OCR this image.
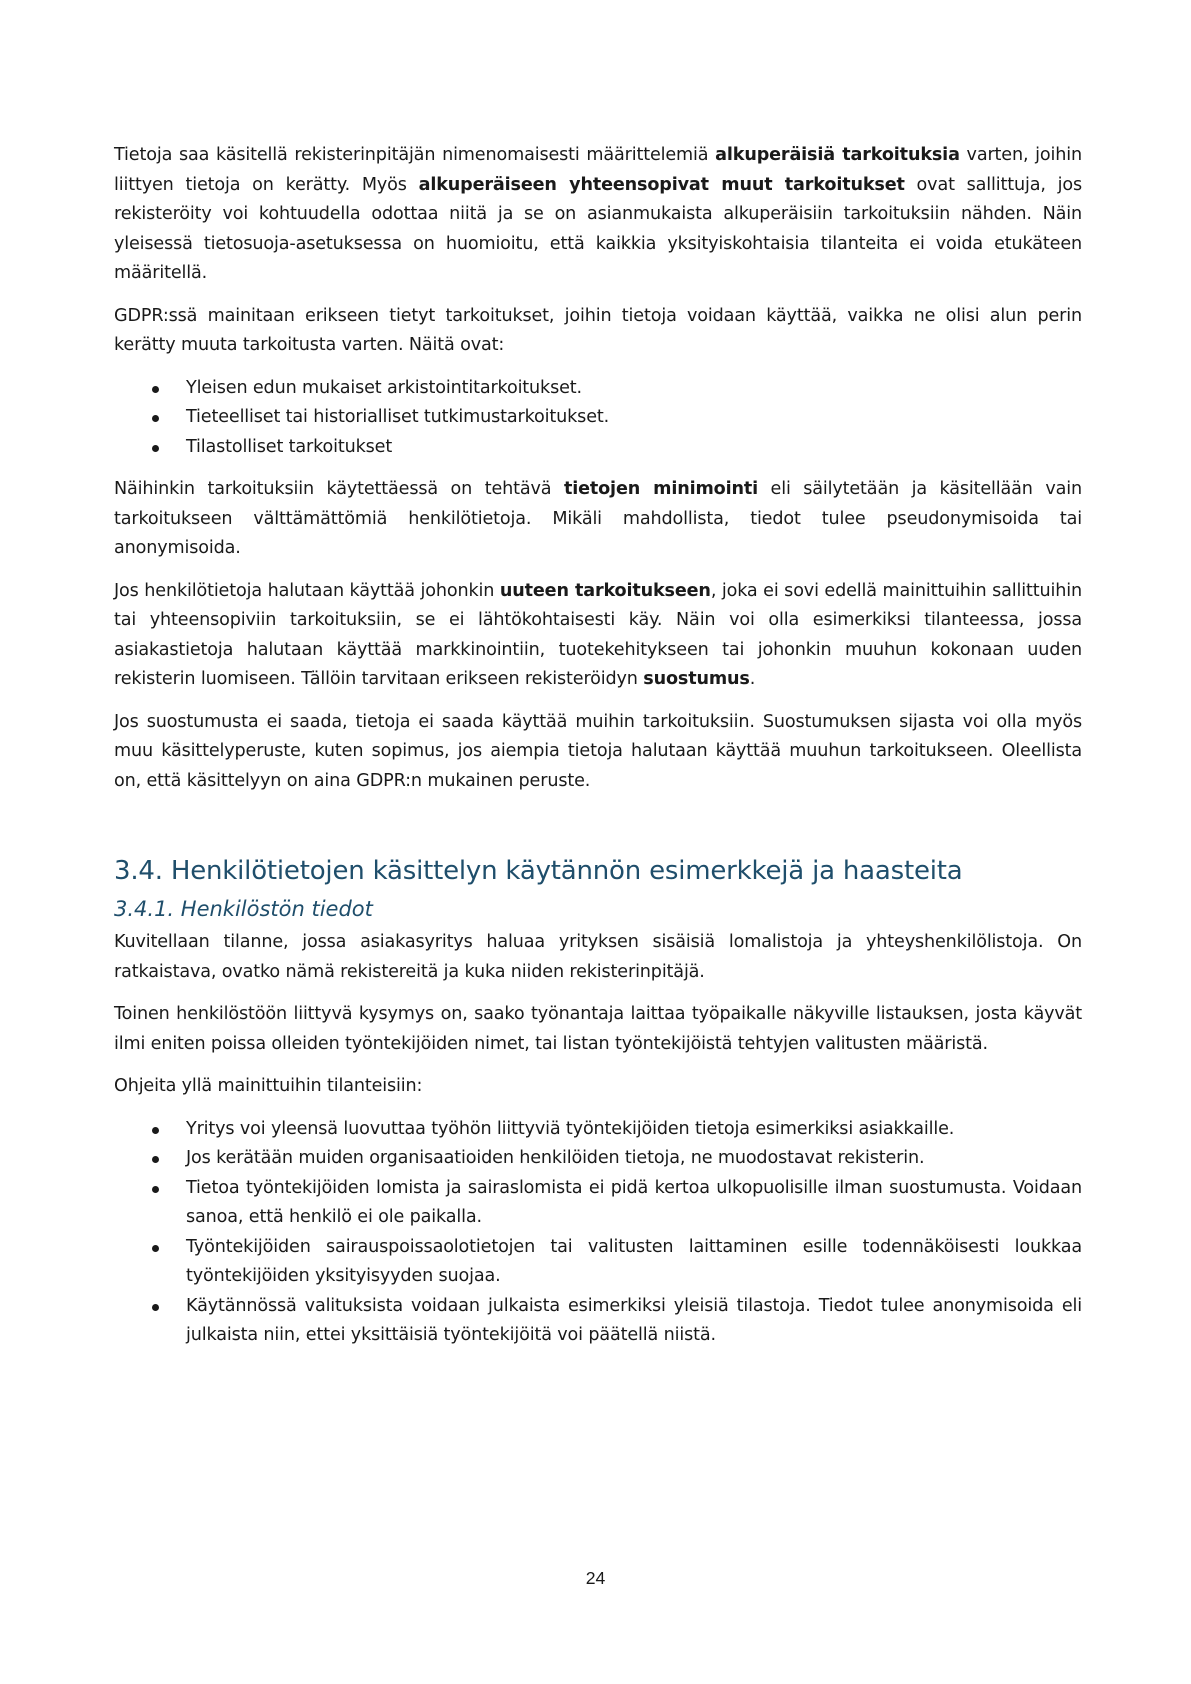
Tietoja saa käsitellä rekisterinpitäjän nimenomaisesti määrittelemiä alkuperäisiä tarkoituksia varten, joihin liittyen tietoja on kerätty. Myös alkuperäiseen yhteensopivat muut tarkoitukset ovat sallittuja, jos rekisteröity voi kohtuudella odottaa niitä ja se on asianmukaista alkuperäisiin tarkoituksiin nähden. Näin yleisessä tietosuoja-asetuksessa on huomioitu, että kaikkia yksityiskohtaisia tilanteita ei voida etukäteen määritellä.

GDPR:ssä mainitaan erikseen tietyt tarkoitukset, joihin tietoja voidaan käyttää, vaikka ne olisi alun perin kerätty muuta tarkoitusta varten. Näitä ovat:

Yleisen edun mukaiset arkistointitarkoitukset.
Tieteelliset tai historialliset tutkimustarkoitukset.
Tilastolliset tarkoitukset

Näihinkin tarkoituksiin käytettäessä on tehtävä tietojen minimointi eli säilytetään ja käsitellään vain tarkoitukseen välttämättömiä henkilötietoja. Mikäli mahdollista, tiedot tulee pseudonymisoida tai anonymisoida.

Jos henkilötietoja halutaan käyttää johonkin uuteen tarkoitukseen, joka ei sovi edellä mainittuihin sallittuihin tai yhteensopiviin tarkoituksiin, se ei lähtökohtaisesti käy. Näin voi olla esimerkiksi tilanteessa, jossa asiakastietoja halutaan käyttää markkinointiin, tuotekehitykseen tai johonkin muuhun kokonaan uuden rekisterin luomiseen. Tällöin tarvitaan erikseen rekisteröidyn suostumus.

Jos suostumusta ei saada, tietoja ei saada käyttää muihin tarkoituksiin. Suostumuksen sijasta voi olla myös muu käsittelyperuste, kuten sopimus, jos aiempia tietoja halutaan käyttää muuhun tarkoitukseen. Oleellista on, että käsittelyyn on aina GDPR:n mukainen peruste.

3.4. Henkilötietojen käsittelyn käytännön esimerkkejä ja haasteita
3.4.1. Henkilöstön tiedot

Kuvitellaan tilanne, jossa asiakasyritys haluaa yrityksen sisäisiä lomalistoja ja yhteyshenkilölistoja. On ratkaistava, ovatko nämä rekistereitä ja kuka niiden rekisterinpitäjä.

Toinen henkilöstöön liittyvä kysymys on, saako työnantaja laittaa työpaikalle näkyville listauksen, josta käyvät ilmi eniten poissa olleiden työntekijöiden nimet, tai listan työntekijöistä tehtyjen valitusten määristä.

Ohjeita yllä mainittuihin tilanteisiin:

Yritys voi yleensä luovuttaa työhön liittyviä työntekijöiden tietoja esimerkiksi asiakkaille.
Jos kerätään muiden organisaatioiden henkilöiden tietoja, ne muodostavat rekisterin.
Tietoa työntekijöiden lomista ja sairaslomista ei pidä kertoa ulkopuolisille ilman suostumusta. Voidaan sanoa, että henkilö ei ole paikalla.
Työntekijöiden sairauspoissaolotietojen tai valitusten laittaminen esille todennäköisesti loukkaa työntekijöiden yksityisyyden suojaa.
Käytännössä valituksista voidaan julkaista esimerkiksi yleisiä tilastoja. Tiedot tulee anonymisoida eli julkaista niin, ettei yksittäisiä työntekijöitä voi päätellä niistä.
24
